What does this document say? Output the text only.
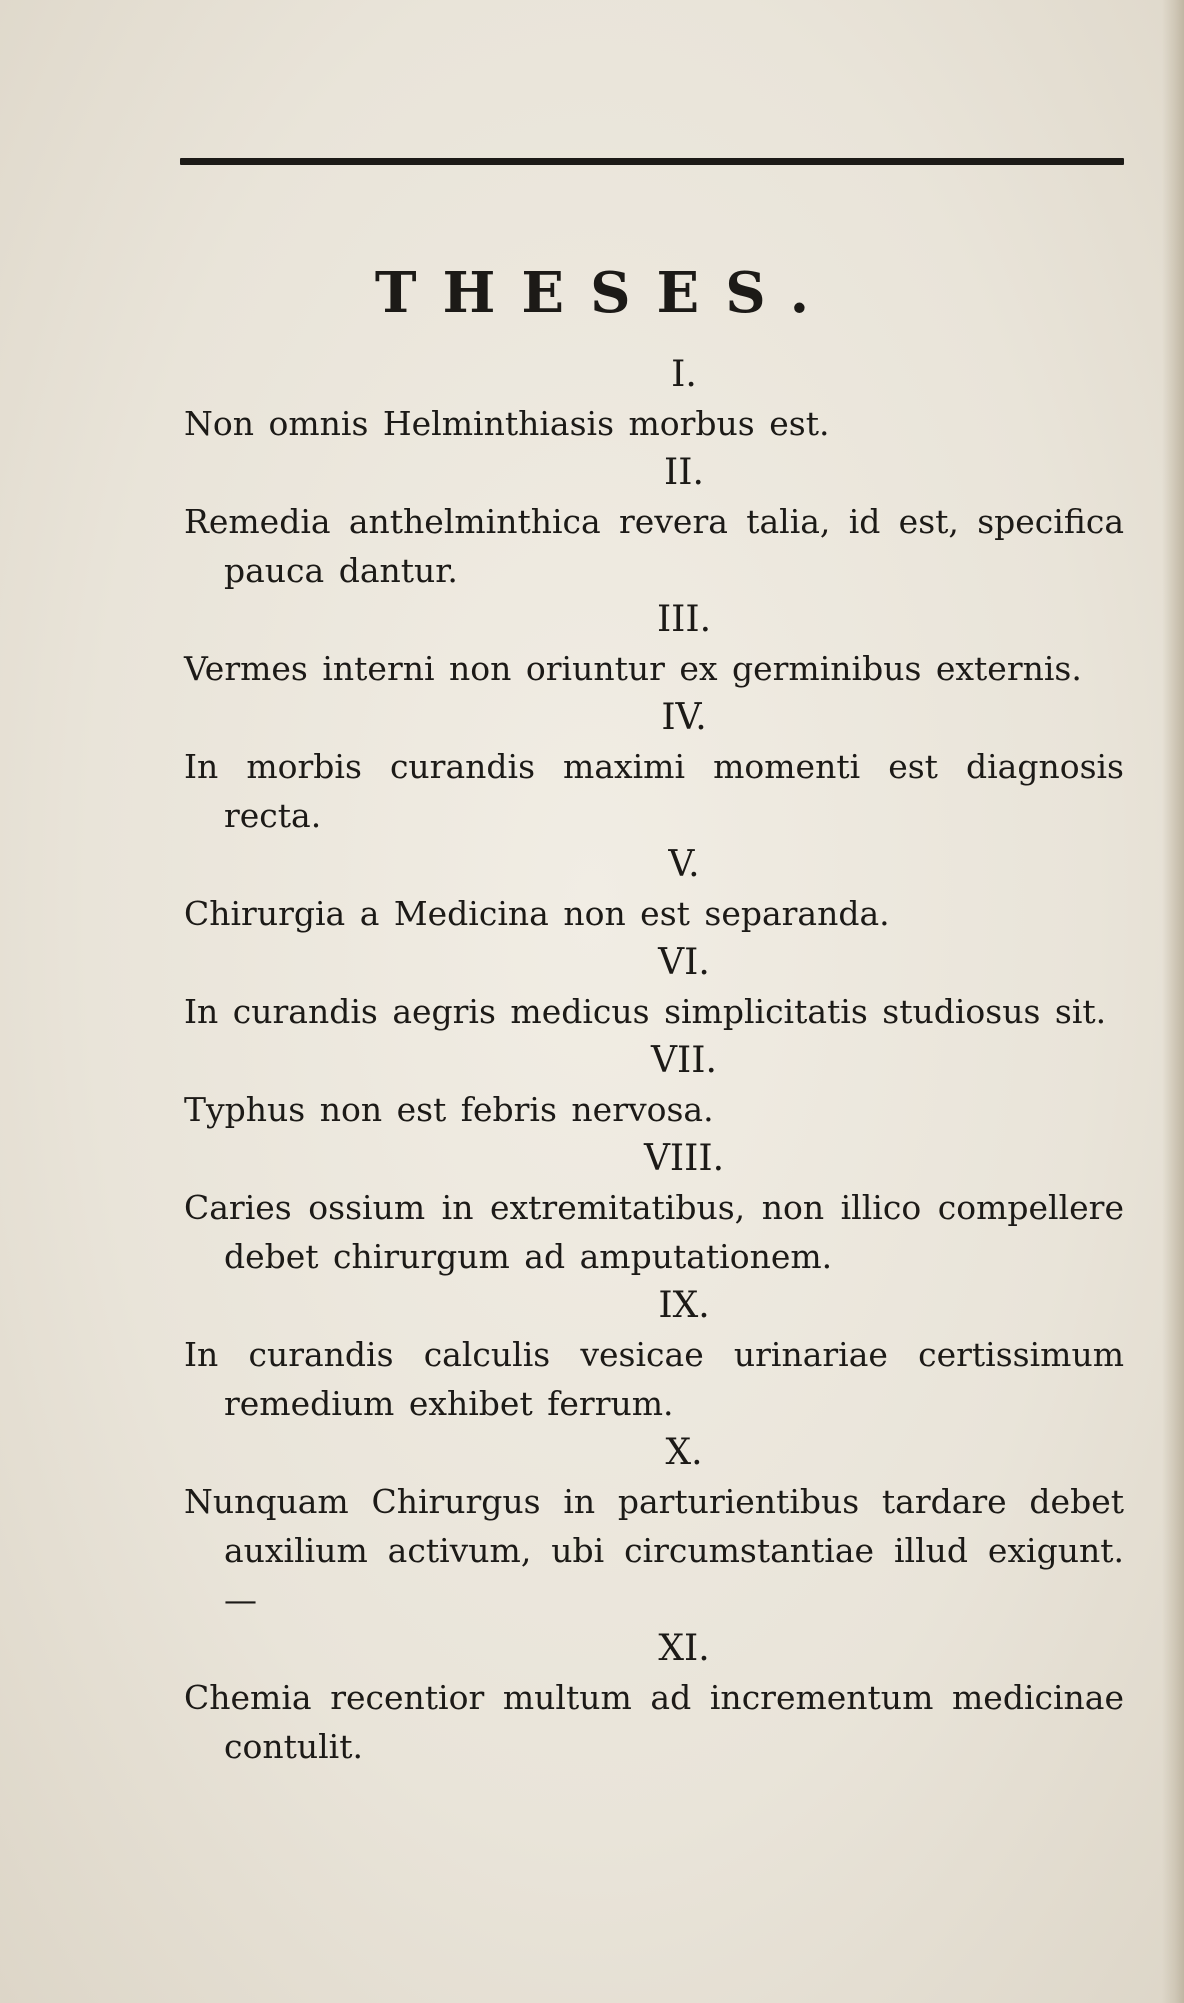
THESES.
I.
Non omnis Helminthiasis morbus est.
II.
Remedia anthelminthica revera talia, id est, specifica pauca dantur.
III.
Vermes interni non oriuntur ex germinibus externis.
IV.
In morbis curandis maximi momenti est diagnosis recta.
V.
Chirurgia a Medicina non est separanda.
VI.
In curandis aegris medicus simplicitatis studiosus sit.
VII.
Typhus non est febris nervosa.
VIII.
Caries ossium in extremitatibus, non illico compellere debet chirurgum ad amputationem.
IX.
In curandis calculis vesicae urinariae certissimum remedium exhibet ferrum.
X.
Nunquam Chirurgus in parturientibus tardare debet auxilium activum, ubi circumstantiae illud exigunt. —
XI.
Chemia recentior multum ad incrementum medicinae contulit.
